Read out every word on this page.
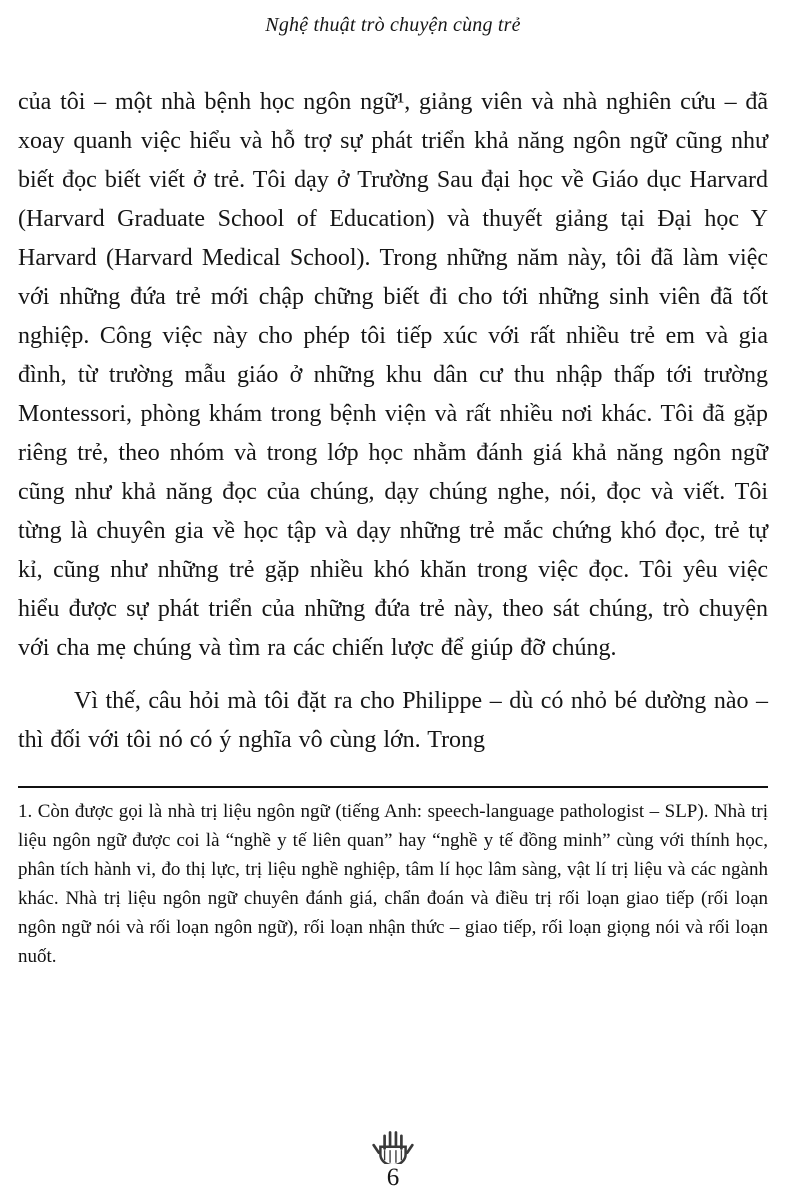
Nghệ thuật trò chuyện cùng trẻ

của tôi – một nhà bệnh học ngôn ngữ¹, giảng viên và nhà nghiên cứu – đã xoay quanh việc hiểu và hỗ trợ sự phát triển khả năng ngôn ngữ cũng như biết đọc biết viết ở trẻ. Tôi dạy ở Trường Sau đại học về Giáo dục Harvard (Harvard Graduate School of Education) và thuyết giảng tại Đại học Y Harvard (Harvard Medical School). Trong những năm này, tôi đã làm việc với những đứa trẻ mới chập chững biết đi cho tới những sinh viên đã tốt nghiệp. Công việc này cho phép tôi tiếp xúc với rất nhiều trẻ em và gia đình, từ trường mẫu giáo ở những khu dân cư thu nhập thấp tới trường Montessori, phòng khám trong bệnh viện và rất nhiều nơi khác. Tôi đã gặp riêng trẻ, theo nhóm và trong lớp học nhằm đánh giá khả năng ngôn ngữ cũng như khả năng đọc của chúng, dạy chúng nghe, nói, đọc và viết. Tôi từng là chuyên gia về học tập và dạy những trẻ mắc chứng khó đọc, trẻ tự kỉ, cũng như những trẻ gặp nhiều khó khăn trong việc đọc. Tôi yêu việc hiểu được sự phát triển của những đứa trẻ này, theo sát chúng, trò chuyện với cha mẹ chúng và tìm ra các chiến lược để giúp đỡ chúng.

Vì thế, câu hỏi mà tôi đặt ra cho Philippe – dù có nhỏ bé dường nào – thì đối với tôi nó có ý nghĩa vô cùng lớn. Trong

1. Còn được gọi là nhà trị liệu ngôn ngữ (tiếng Anh: speech-language pathologist – SLP). Nhà trị liệu ngôn ngữ được coi là “nghề y tế liên quan” hay “nghề y tế đồng minh” cùng với thính học, phân tích hành vi, đo thị lực, trị liệu nghề nghiệp, tâm lí học lâm sàng, vật lí trị liệu và các ngành khác. Nhà trị liệu ngôn ngữ chuyên đánh giá, chẩn đoán và điều trị rối loạn giao tiếp (rối loạn ngôn ngữ nói và rối loạn ngôn ngữ), rối loạn nhận thức – giao tiếp, rối loạn giọng nói và rối loạn nuốt.

6
